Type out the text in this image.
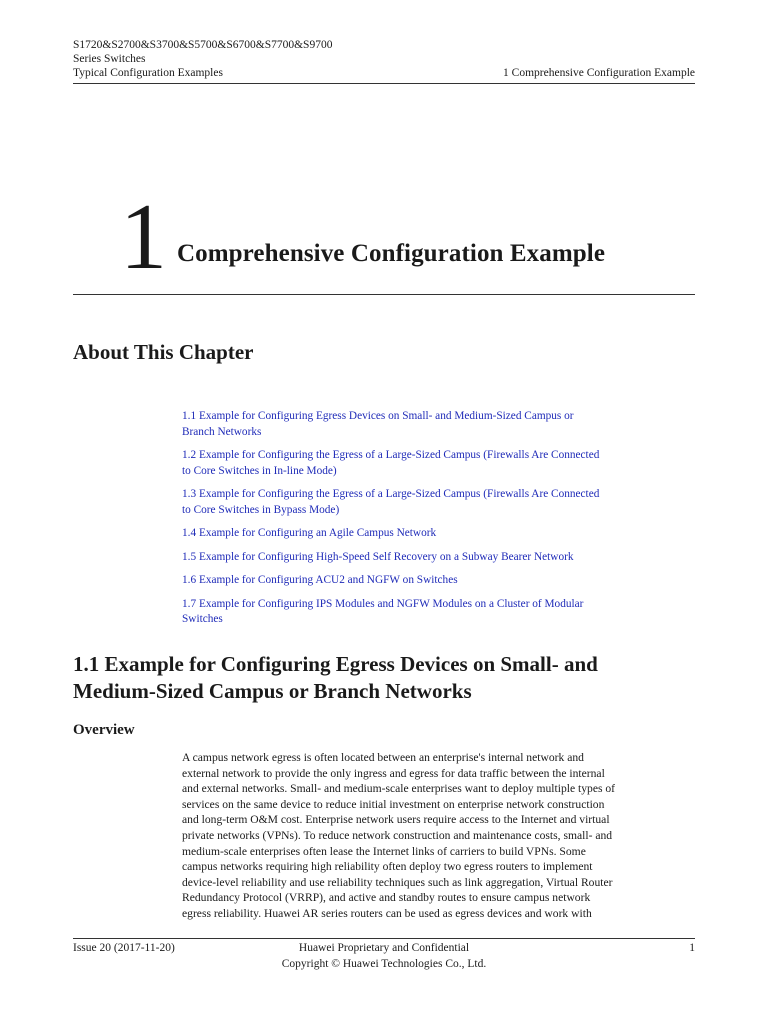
S1720&S2700&S3700&S5700&S6700&S7700&S9700
Series Switches
Typical Configuration Examples	1 Comprehensive Configuration Example
1 Comprehensive Configuration Example
About This Chapter
1.1 Example for Configuring Egress Devices on Small- and Medium-Sized Campus or
Branch Networks
1.2 Example for Configuring the Egress of a Large-Sized Campus (Firewalls Are Connected
to Core Switches in In-line Mode)
1.3 Example for Configuring the Egress of a Large-Sized Campus (Firewalls Are Connected
to Core Switches in Bypass Mode)
1.4 Example for Configuring an Agile Campus Network
1.5 Example for Configuring High-Speed Self Recovery on a Subway Bearer Network
1.6 Example for Configuring ACU2 and NGFW on Switches
1.7 Example for Configuring IPS Modules and NGFW Modules on a Cluster of Modular
Switches
1.1 Example for Configuring Egress Devices on Small- and
Medium-Sized Campus or Branch Networks
Overview
A campus network egress is often located between an enterprise's internal network and
external network to provide the only ingress and egress for data traffic between the internal
and external networks. Small- and medium-scale enterprises want to deploy multiple types of
services on the same device to reduce initial investment on enterprise network construction
and long-term O&M cost. Enterprise network users require access to the Internet and virtual
private networks (VPNs). To reduce network construction and maintenance costs, small- and
medium-scale enterprises often lease the Internet links of carriers to build VPNs. Some
campus networks requiring high reliability often deploy two egress routers to implement
device-level reliability and use reliability techniques such as link aggregation, Virtual Router
Redundancy Protocol (VRRP), and active and standby routes to ensure campus network
egress reliability. Huawei AR series routers can be used as egress devices and work with
Issue 20 (2017-11-20)	Huawei Proprietary and Confidential	1
Copyright © Huawei Technologies Co., Ltd.
